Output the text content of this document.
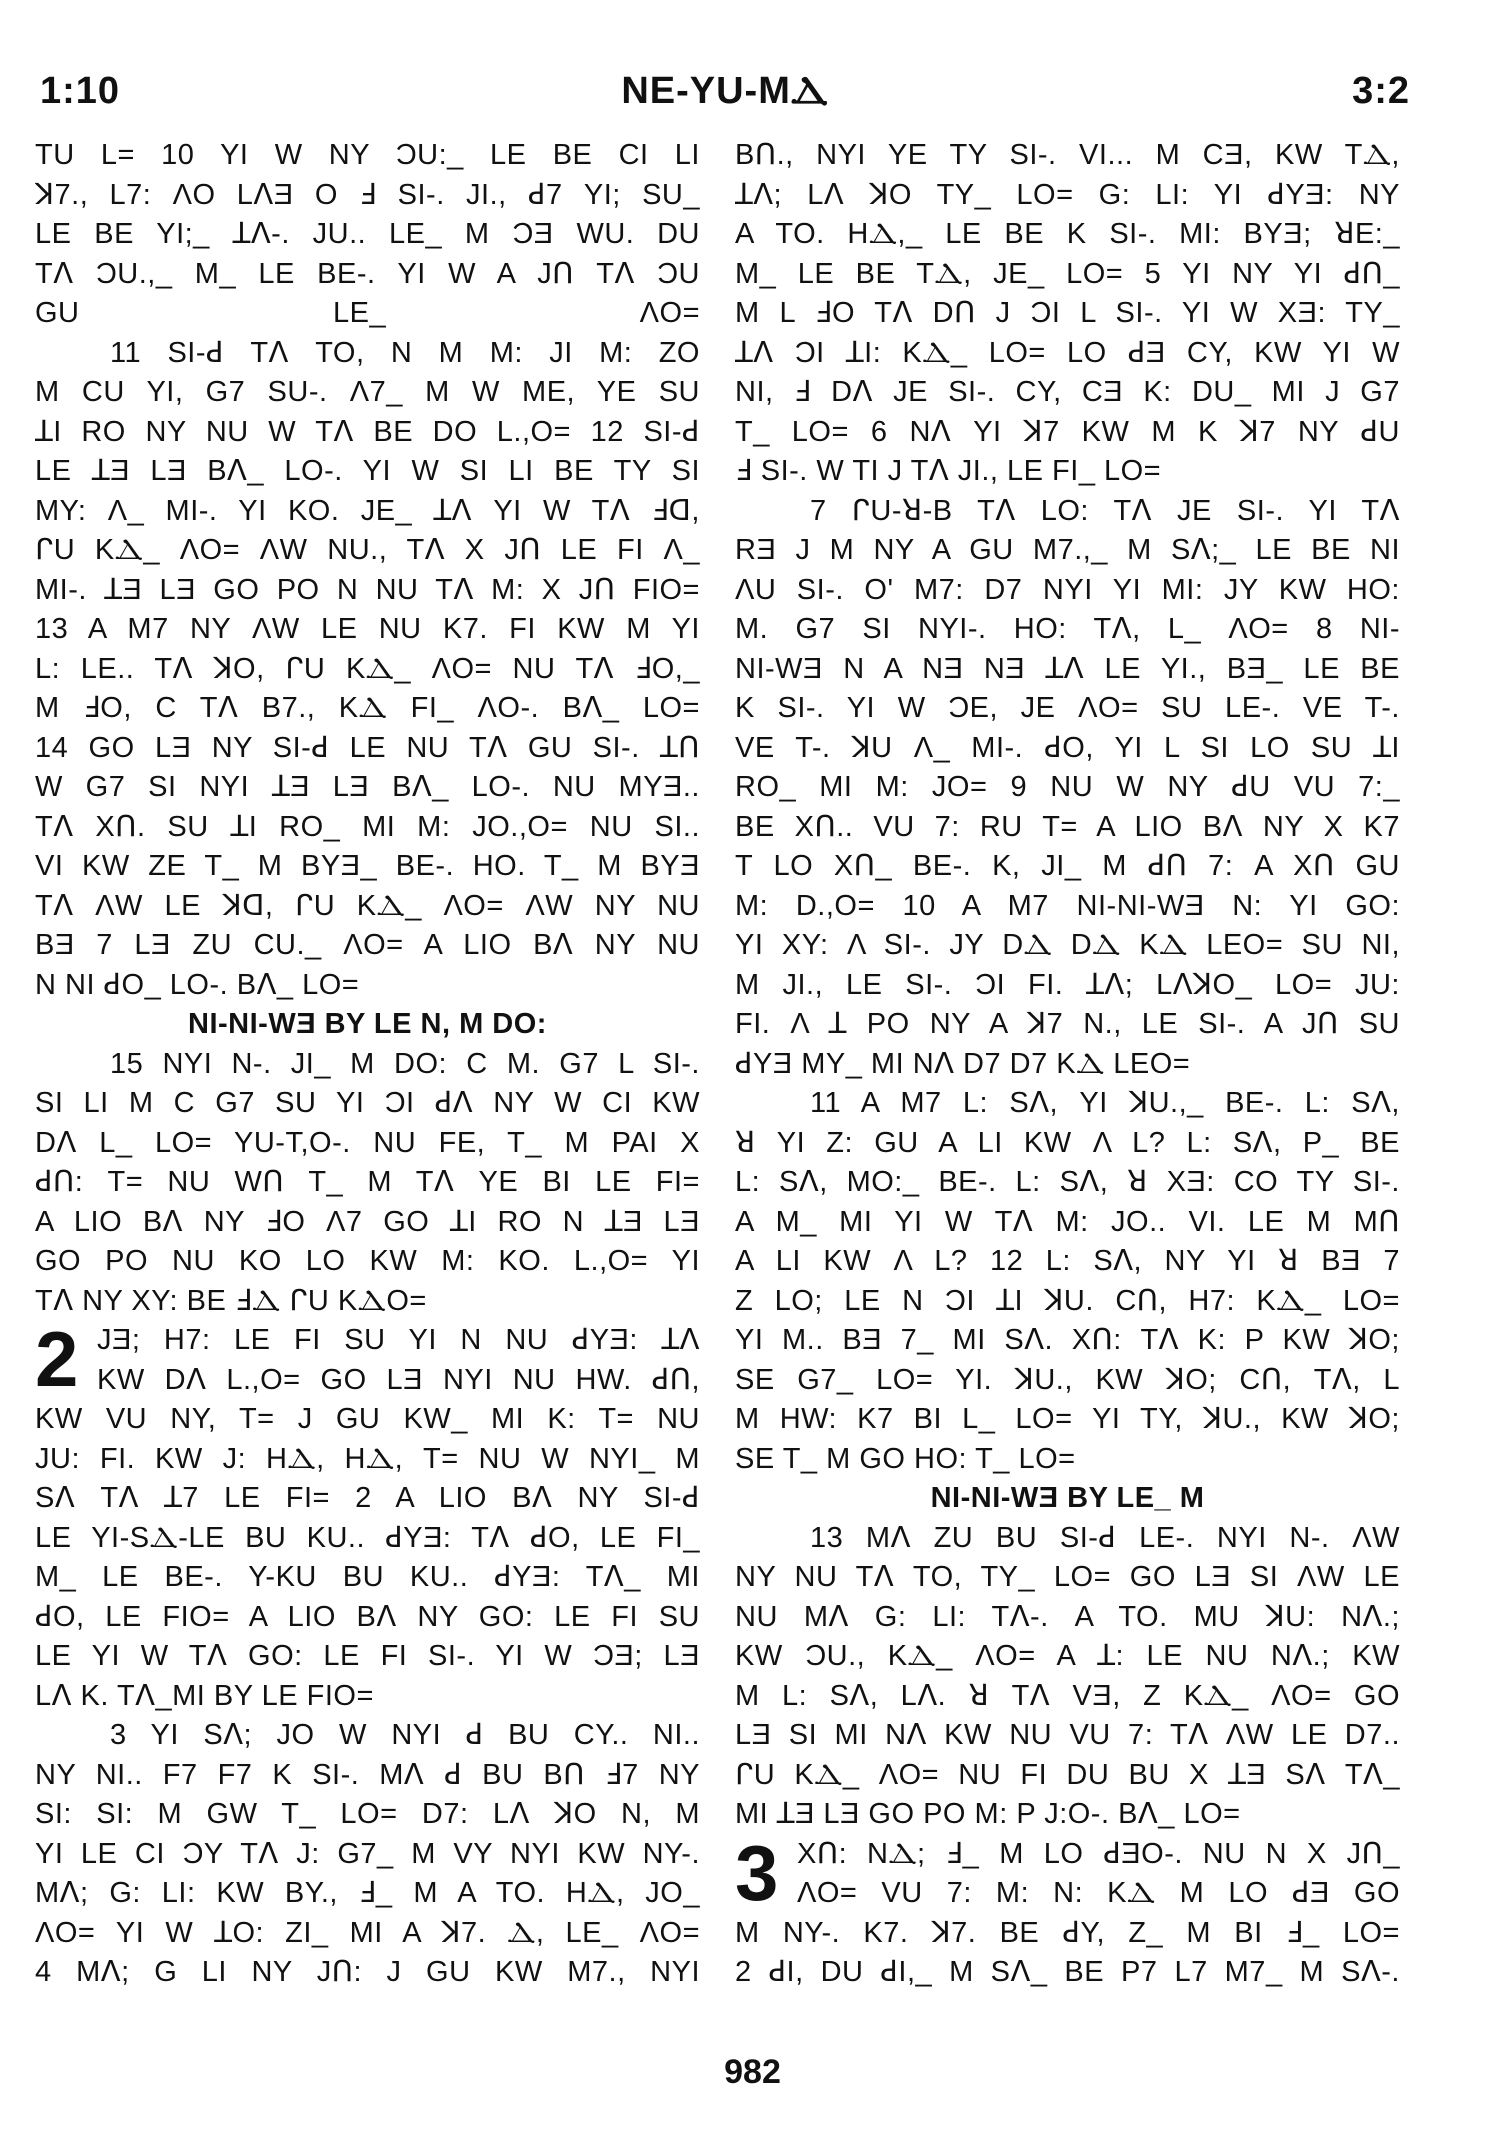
1:10	NE-YU-MⲆ	3:2
TU L= 10 YI W NY ƆU:_ LE BE CI LI
ꓘ7., L7: ΛO LᐱƎ O Ⅎ SI-. JI., ꓒ7 YI; SU_
LE BE YI;_ ꓕᐱ-. JU.. LE_ M ƆƎ WU. DU
Tᐱ ƆU.,_ M_ LE BE-. YI W A Jꓵ Tᐱ ƆU
GU LE_ ΛO=
11 SI-ꓒ Tᐱ TO, N M M: JI M: ZO
M CU YI, G7 SU-. Λ7_ M W ME, YE SU
ꓕI RO NY NU W Tᐱ BE DO L.,O= 12 SI-ꓒ
LE ꓕƎ LƎ Bᐱ_ LO-. YI W SI LI BE TY SI
MY: Λ_ MI-. YI KO. JE_ ꓕᐱ YI W Tᐱ ꓞꓷ,
ᒋU KⲆ_ ΛO= ΛW NU., Tᐱ X Jꓵ LE FI Λ_
MI-. ꓕƎ LƎ GO PO N NU Tᐱ M: X Jꓵ FIO=
13 A M7 NY ΛW LE NU K7. FI KW M YI
L: LE.. Tᐱ ꓘO, ᒋU KⲆ_ ΛO= NU Tᐱ ꓞO,_
M ꓞO, C Tᐱ B7., KⲆ FI_ ΛO-. Bᐱ_ LO=
14 GO LƎ NY SI-ꓒ LE NU Tᐱ GU SI-. ꓕꓵ
W G7 SI NYI ꓕƎ LƎ Bᐱ_ LO-. NU MYƎ..
Tᐱ Xꓵ. SU ꓕI RO_ MI M: JO.,O= NU SI..
VI KW ZE T_ M BYƎ_ BE-. HO. T_ M BYƎ
Tᐱ ΛW LE ꓘꓷ, ᒋU KⲆ_ ΛO= ΛW NY NU
BƎ 7 LƎ ZU CU._ ΛO= A LIO Bᐱ NY NU
N NI ꓒO_ LO-. Bᐱ_ LO=
NI-NI-WƎ BY LE N, M DO:
15 NYI N-. JI_ M DO: C M. G7 L SI-.
SI LI M C G7 SU YI ƆI ꓒᐱ NY W CI KW
Dᐱ L_ LO= YU-T,O-. NU FE, T_ M PAI X
ꓒꓵ: T= NU Wꓵ T_ M Tᐱ YE BI LE FI=
A LIO Bᐱ NY ꓞO Λ7 GO ꓕI RO N ꓕƎ LƎ
GO PO NU KO LO KW M: KO. L.,O= YI
Tᐱ NY XY: BE ꓞⲆ ᒋU KⲆO=
2 JƎ; H7: LE FI SU YI N NU ꓒYƎ: ꓕᐱ
KW Dᐱ L.,O= GO LƎ NYI NU HW. ꓒꓵ,
KW VU NY, T= J GU KW_ MI K: T= NU
JU: FI. KW J: HⲆ, HⲆ, T= NU W NYI_ M
Sᐱ Tᐱ ꓕ7 LE FI= 2 A LIO Bᐱ NY SI-ꓒ
LE YI-SⲆ-LE BU KU.. ꓒYƎ: Tᐱ ꓒO, LE FI_
M_ LE BE-. Y-KU BU KU.. ꓒYƎ: Tᐱ_ MI
ꓒO, LE FIO= A LIO Bᐱ NY GO: LE FI SU
LE YI W Tᐱ GO: LE FI SI-. YI W ƆƎ; LƎ
Lᐱ K. Tᐱ_MI BY LE FIO=
3 YI Sᐱ; JO W NYI ꓒ BU CY.. NI..
NY NI.. F7 F7 K SI-. Mᐱ ꓒ BU Bꓵ ꓞ7 NY
SI: SI: M GW T_ LO= D7: Lᐱ ꓘO N, M
YI LE CI ƆY Tᐱ J: G7_ M VY NYI KW NY-.
Mᐱ; G: LI: KW BY., Ⅎ_ M A TO. HⲆ, JO_
ΛO= YI W ꓕO: ZI_ MI A ꓘ7. Ⲇ, LE_ ΛO=
4 Mᐱ; G LI NY Jꓵ: J GU KW M7., NYI
Bꓵ., NYI YE TY SI-. VI... M CƎ, KW TⲆ,
ꓕᐱ; Lᐱ ꓘO TY_ LO= G: LI: YI ꓒYƎ: NY
A TO. HⲆ,_ LE BE K SI-. MI: BYƎ; ꓤE:_
M_ LE BE TⲆ, JE_ LO= 5 YI NY YI ꓒꓵ_
M L ꓞO Tᐱ Dꓵ J ƆI L SI-. YI W XƎ: TY_
ꓕᐱ ƆI ꓕI: KⲆ_ LO= LO ꓒƎ CY, KW YI W
NI, Ⅎ Dᐱ JE SI-. CY, CƎ K: DU_ MI J G7
T_ LO= 6 Nᐱ YI ꓘ7 KW M K ꓘ7 NY ꓒU
Ⅎ SI-. W TI J Tᐱ JI., LE FI_ LO=
7 ᒋU-ꓤ-B Tᐱ LO: Tᐱ JE SI-. YI Tᐱ
RƎ J M NY A GU M7.,_ M Sᐱ;_ LE BE NI
ΛU SI-. O' M7: D7 NYI YI MI: JY KW HO:
M. G7 SI NYI-. HO: Tᐱ, L_ ΛO= 8 NI-
NI-WƎ N A NƎ NƎ ꓕᐱ LE YI., BƎ_ LE BE
K SI-. YI W ƆE, JE ΛO= SU LE-. VE T-.
VE T-. ꓘU Λ_ MI-. ꓒO, YI L SI LO SU ꓕI
RO_ MI M: JO= 9 NU W NY ꓒU VU 7:_
BE Xꓵ.. VU 7: RU T= A LIO Bᐱ NY X K7
T LO Xꓵ_ BE-. K, JI_ M ꓒꓵ 7: A Xꓵ GU
M: D.,O= 10 A M7 NI-NI-WƎ N: YI GO:
YI XY: Λ SI-. JY DⲆ DⲆ KⲆ LEO= SU NI,
M JI., LE SI-. ƆI FI. ꓕᐱ; LᐱꓘO_ LO= JU:
FI. Λ ꓕ PO NY A ꓘ7 N., LE SI-. A Jꓵ SU
ꓒYƎ MY_ MI Nᐱ D7 D7 KⲆ LEO=
11 A M7 L: Sᐱ, YI ꓘU.,_ BE-. L: Sᐱ,
ꓤ YI Z: GU A LI KW Λ L? L: Sᐱ, P_ BE
L: Sᐱ, MO:_ BE-. L: Sᐱ, ꓤ XƎ: CO TY SI-.
A M_ MI YI W Tᐱ M: JO.. VI. LE M Mꓵ
A LI KW Λ L? 12 L: Sᐱ, NY YI ꓤ BƎ 7
Z LO; LE N ƆI ꓕI ꓘU. Cꓵ, H7: KⲆ_ LO=
YI M.. BƎ 7_ MI Sᐱ. Xꓵ: Tᐱ K: P KW ꓘO;
SE G7_ LO= YI. ꓘU., KW ꓘO; Cꓵ, Tᐱ, L
M HW: K7 BI L_ LO= YI TY, ꓘU., KW ꓘO;
SE T_ M GO HO: T_ LO=
NI-NI-WƎ BY LE_ M
13 Mᐱ ZU BU SI-ꓒ LE-. NYI N-. ΛW
NY NU Tᐱ TO, TY_ LO= GO LƎ SI ΛW LE
NU Mᐱ G: LI: Tᐱ-. A TO. MU ꓘU: Nᐱ.;
KW ƆU., KⲆ_ ΛO= A ꓕ: LE NU Nᐱ.; KW
M L: Sᐱ, Lᐱ. ꓤ Tᐱ VƎ, Z KⲆ_ ΛO= GO
LƎ SI MI Nᐱ KW NU VU 7: Tᐱ ΛW LE D7..
ᒋU KⲆ_ ΛO= NU FI DU BU X ꓕƎ Sᐱ Tᐱ_
MI ꓕƎ LƎ GO PO M: P J:O-. Bᐱ_ LO=
3 Xꓵ: NⲆ; Ⅎ_ M LO ꓒƎO-. NU N X Jꓵ_
ΛO= VU 7: M: N: KⲆ M LO ꓒƎ GO
M NY-. K7. ꓘ7. BE ꓒY, Z_ M BI Ⅎ_ LO=
2 ꓒI, DU ꓒI,_ M Sᐱ_ BE P7 L7 M7_ M Sᐱ-.
982
